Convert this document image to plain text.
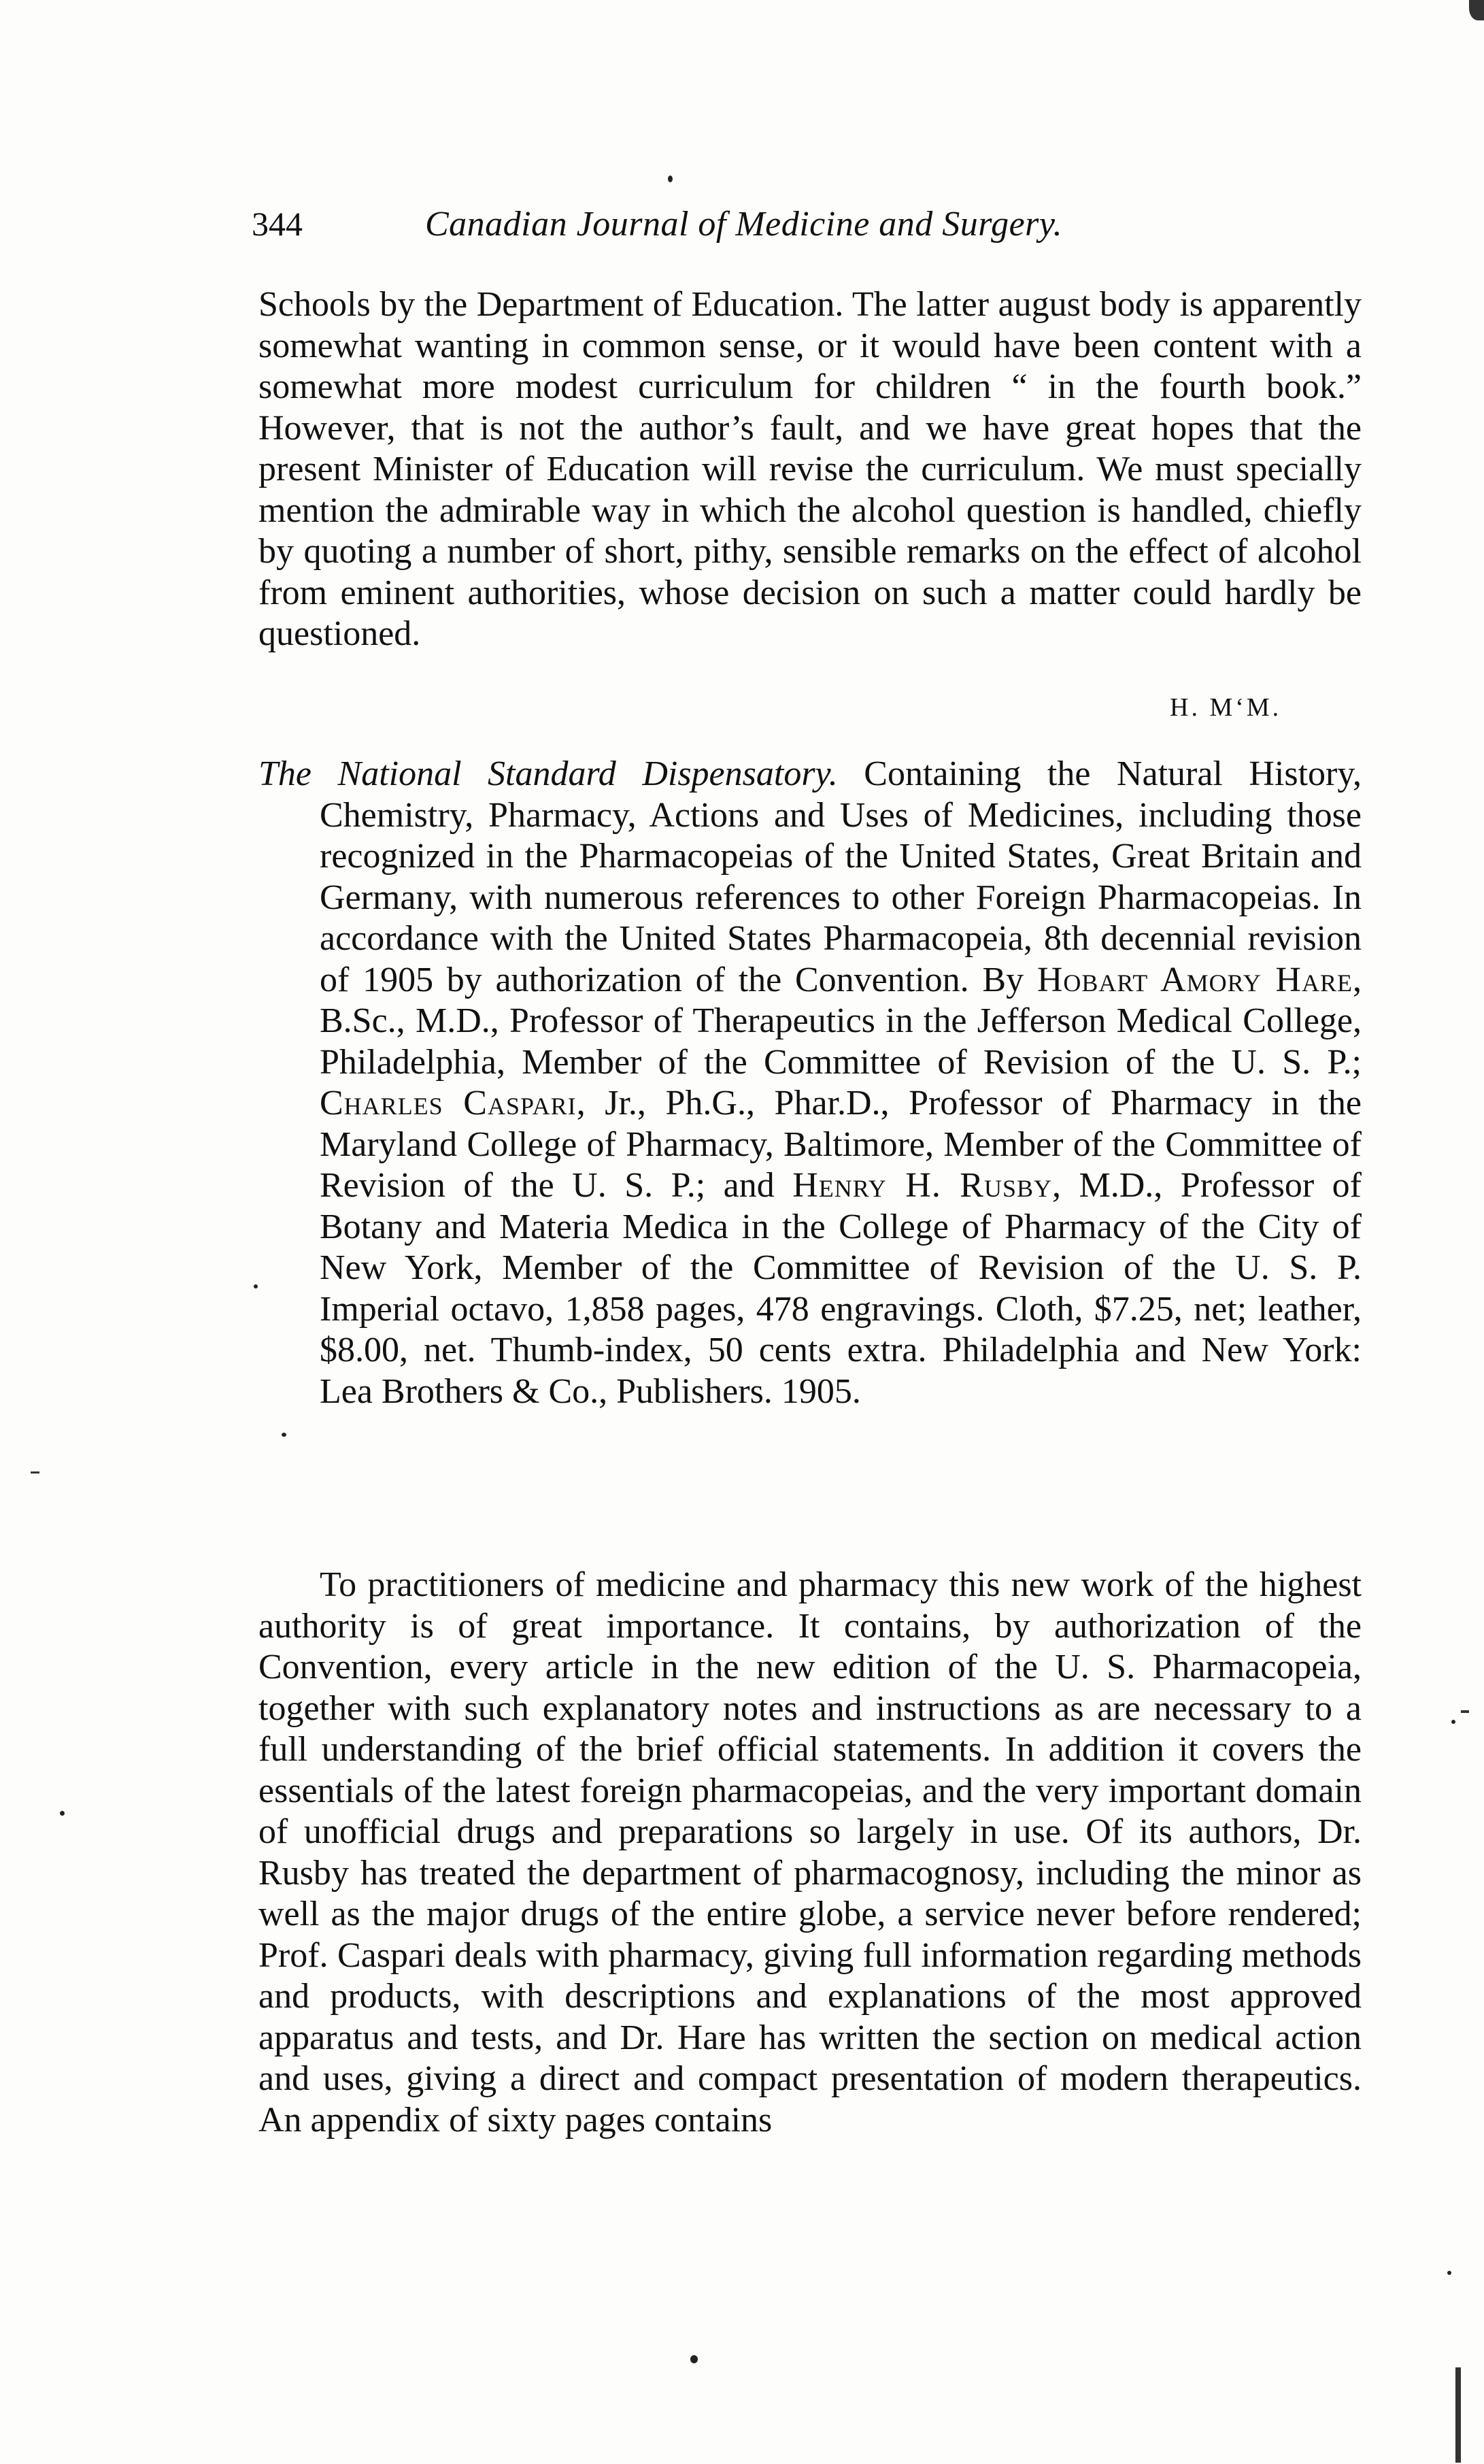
344	Canadian Journal of Medicine and Surgery.

Schools by the Department of Education. The latter august body is apparently somewhat wanting in common sense, or it would have been content with a somewhat more modest curriculum for children “ in the fourth book.” However, that is not the author’s fault, and we have great hopes that the present Minister of Education will revise the curriculum. We must specially mention the admirable way in which the alcohol question is handled, chiefly by quoting a number of short, pithy, sensible remarks on the effect of alcohol from eminent authorities, whose decision on such a matter could hardly be questioned.

H. MʻM.
The National Standard Dispensatory. Containing the Natural History, Chemistry, Pharmacy, Actions and Uses of Medicines, including those recognized in the Pharmacopeias of the United States, Great Britain and Germany, with numerous references to other Foreign Pharmacopeias. In accordance with the United States Pharmacopeia, 8th decennial revision of 1905 by authorization of the Convention. By Hobart Amory Hare, B.Sc., M.D., Professor of Therapeutics in the Jefferson Medical College, Philadelphia, Member of the Committee of Revision of the U. S. P.; Charles Caspari, Jr., Ph.G., Phar.D., Professor of Pharmacy in the Maryland College of Pharmacy, Baltimore, Member of the Committee of Revision of the U. S. P.; and Henry H. Rusby, M.D., Professor of Botany and Materia Medica in the College of Pharmacy of the City of New York, Member of the Committee of Revision of the U. S. P. Imperial octavo, 1,858 pages, 478 engravings. Cloth, $7.25, net; leather, $8.00, net. Thumb-index, 50 cents extra. Philadelphia and New York: Lea Brothers & Co., Publishers. 1905.

To practitioners of medicine and pharmacy this new work of the highest authority is of great importance. It contains, by authorization of the Convention, every article in the new edition of the U. S. Pharmacopeia, together with such explanatory notes and instructions as are necessary to a full understanding of the brief official statements. In addition it covers the essentials of the latest foreign pharmacopeias, and the very important domain of unofficial drugs and preparations so largely in use. Of its authors, Dr. Rusby has treated the department of pharmacognosy, including the minor as well as the major drugs of the entire globe, a service never before rendered; Prof. Caspari deals with pharmacy, giving full information regarding methods and products, with descriptions and explanations of the most approved apparatus and tests, and Dr. Hare has written the section on medical action and uses, giving a direct and compact presentation of modern therapeutics. An appendix of sixty pages contains
